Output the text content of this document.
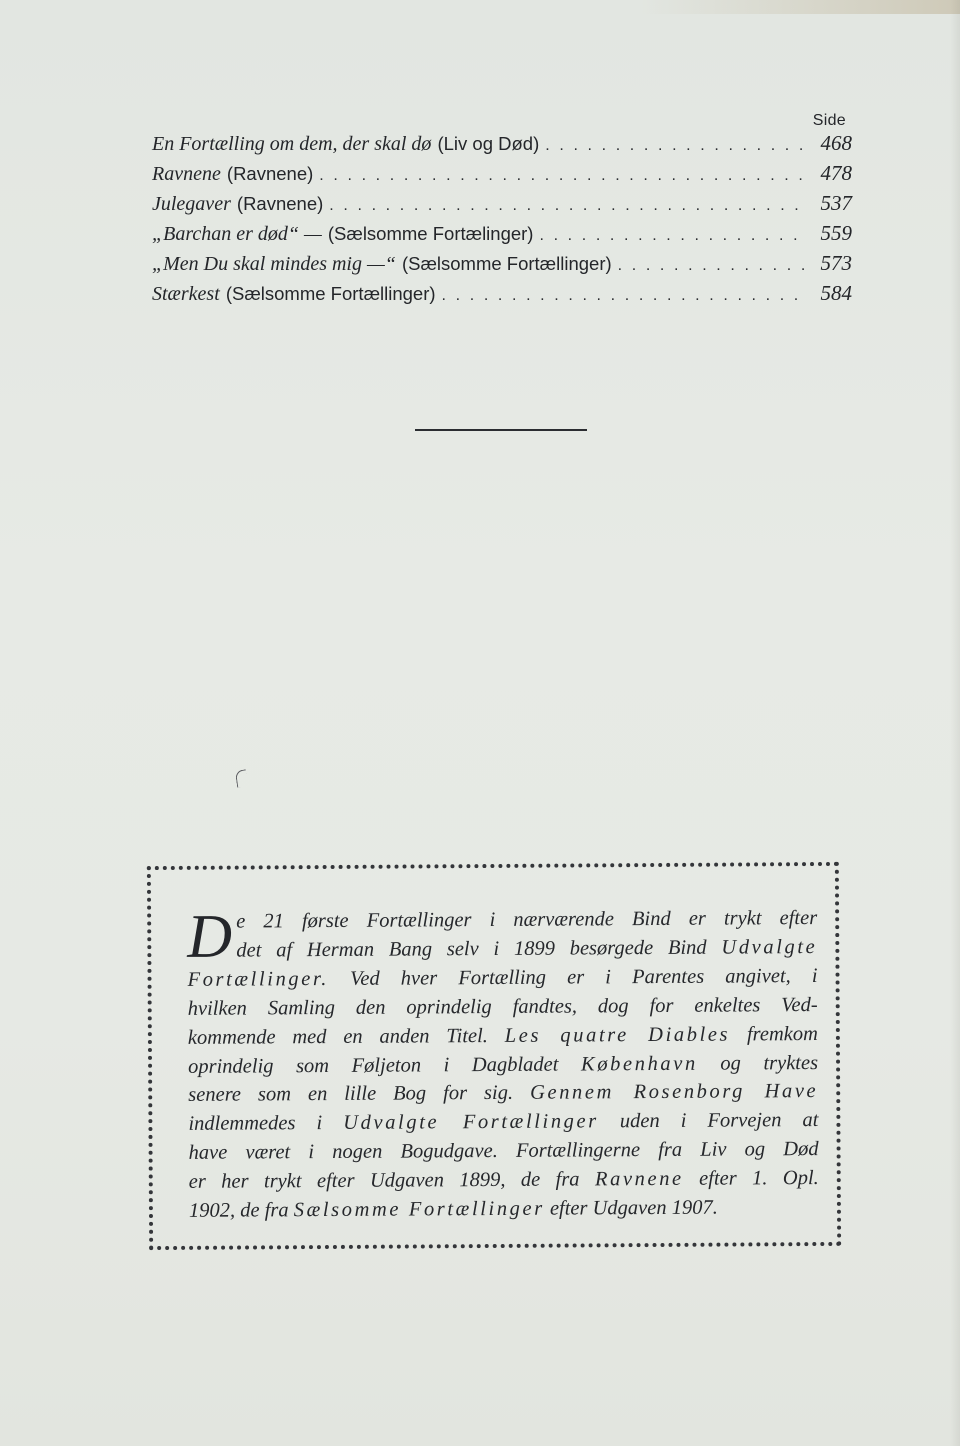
Side
En Fortælling om dem, der skal dø (Liv og Død) . . .	468
Ravnene (Ravnene) . . .	478
Julegaver (Ravnene) . . .	537
„Barchan er død“ — (Sælsomme Fortælinger) . . .	559
„Men Du skal mindes mig —“ (Sælsomme Fortællinger) . . .	573
Stærkest (Sælsomme Fortællinger) . . .	584
D e 21 første Fortællinger i nærværende Bind er trykt efter
det af Herman Bang selv i 1899 besørgede Bind Udvalgte
Fortællinger. Ved hver Fortælling er i Parentes angivet, i
hvilken Samling den oprindelig fandtes, dog for enkeltes Ved-
kommende med en anden Titel. Les quatre Diables fremkom
oprindelig som Føljeton i Dagbladet København og tryktes
senere som en lille Bog for sig. Gennem Rosenborg Have
indlemmedes i Udvalgte Fortællinger uden i Forvejen at
have været i nogen Bogudgave. Fortællingerne fra Liv og Død
er her trykt efter Udgaven 1899, de fra Ravnene efter 1. Opl.
1902, de fra Sælsomme Fortællinger efter Udgaven 1907.
